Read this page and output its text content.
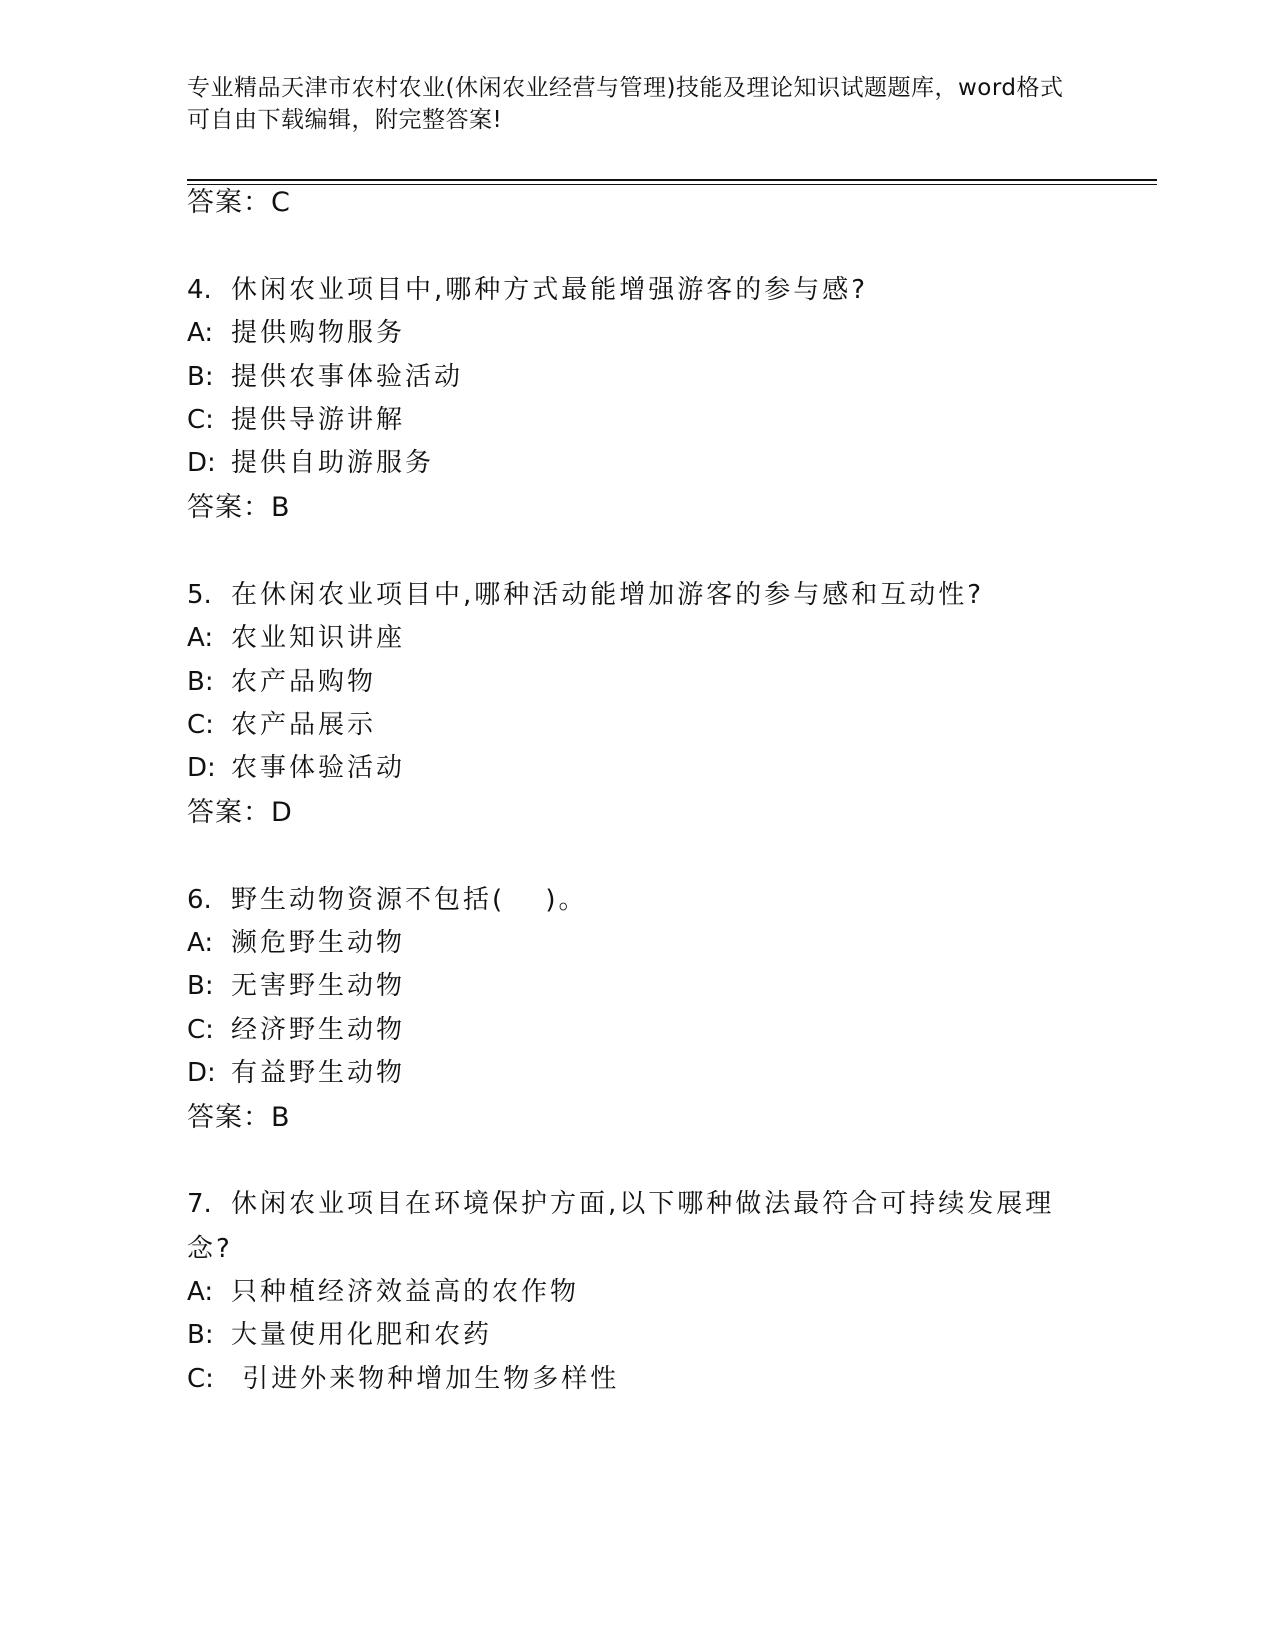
专业精品天津市农村农业(休闲农业经营与管理)技能及理论知识试题题库，word格式可自由下载编辑，附完整答案!
答案：C
4. 休闲农业项目中,哪种方式最能增强游客的参与感?
A: 提供购物服务
B: 提供农事体验活动
C: 提供导游讲解
D: 提供自助游服务
答案：B
5. 在休闲农业项目中,哪种活动能增加游客的参与感和互动性?
A: 农业知识讲座
B: 农产品购物
C: 农产品展示
D: 农事体验活动
答案：D
6. 野生动物资源不包括(　 )。
A: 濒危野生动物
B: 无害野生动物
C: 经济野生动物
D: 有益野生动物
答案：B
7. 休闲农业项目在环境保护方面,以下哪种做法最符合可持续发展理念?
A: 只种植经济效益高的农作物
B: 大量使用化肥和农药
C: 引进外来物种增加生物多样性
